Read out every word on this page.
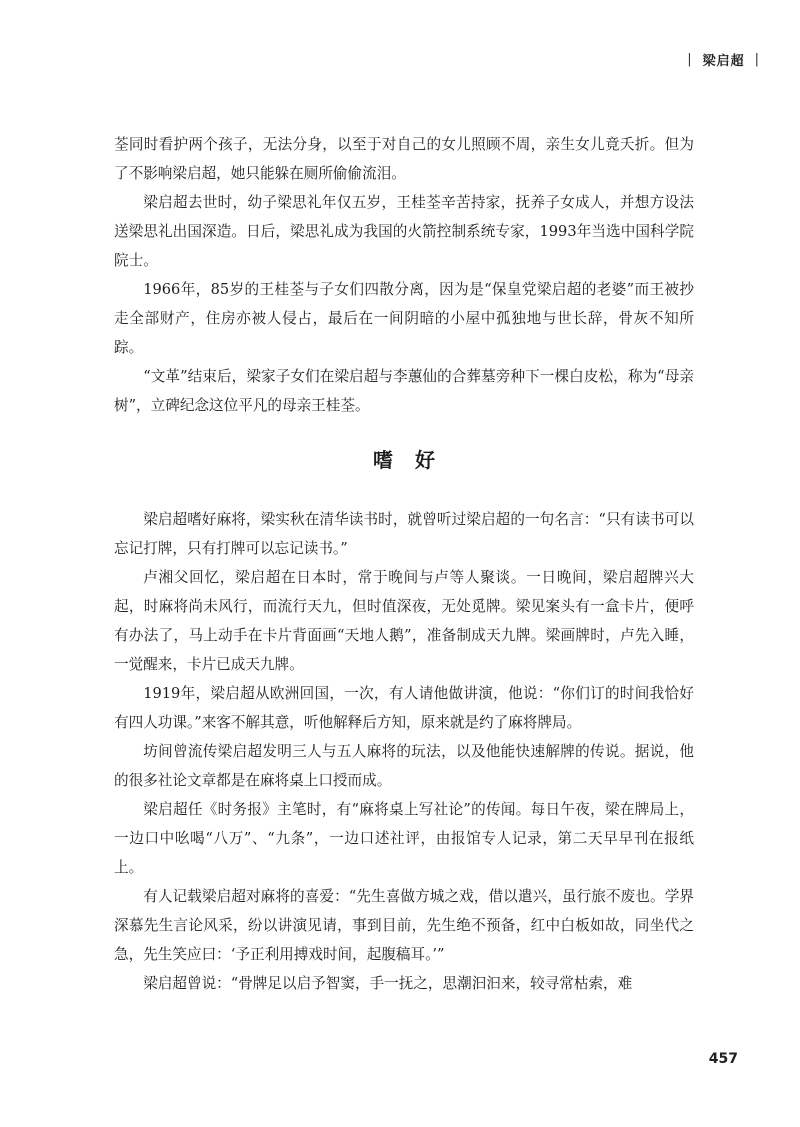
| 梁启超 |

荃同时看护两个孩子，无法分身，以至于对自己的女儿照顾不周，亲生女儿竟夭折。但为了不影响梁启超，她只能躲在厕所偷偷流泪。

梁启超去世时，幼子梁思礼年仅五岁，王桂荃辛苦持家，抚养子女成人，并想方设法送梁思礼出国深造。日后，梁思礼成为我国的火箭控制系统专家，1993年当选中国科学院院士。

1966年，85岁的王桂荃与子女们四散分离，因为是“保皇党梁启超的老婆”而王被抄走全部财产，住房亦被人侵占，最后在一间阴暗的小屋中孤独地与世长辞，骨灰不知所踪。

“文革”结束后，梁家子女们在梁启超与李蕙仙的合葬墓旁种下一棵白皮松，称为“母亲树”，立碑纪念这位平凡的母亲王桂荃。

嗜好

梁启超嗜好麻将，梁实秋在清华读书时，就曾听过梁启超的一句名言：“只有读书可以忘记打牌，只有打牌可以忘记读书。”

卢湘父回忆，梁启超在日本时，常于晚间与卢等人聚谈。一日晚间，梁启超牌兴大起，时麻将尚未风行，而流行天九，但时值深夜，无处觅牌。梁见案头有一盒卡片，便呼有办法了，马上动手在卡片背面画“天地人鹅”，准备制成天九牌。梁画牌时，卢先入睡，一觉醒来，卡片已成天九牌。

1919年，梁启超从欧洲回国，一次，有人请他做讲演，他说：“你们订的时间我恰好有四人功课。”来客不解其意，听他解释后方知，原来就是约了麻将牌局。

坊间曾流传梁启超发明三人与五人麻将的玩法，以及他能快速解牌的传说。据说，他的很多社论文章都是在麻将桌上口授而成。

梁启超任《时务报》主笔时，有“麻将桌上写社论”的传闻。每日午夜，梁在牌局上，一边口中吆喝“八万”、“九条”，一边口述社评，由报馆专人记录，第二天早早刊在报纸上。

有人记载梁启超对麻将的喜爱：“先生喜做方城之戏，借以遣兴，虽行旅不废也。学界深慕先生言论风采，纷以讲演见请，事到目前，先生绝不预备，红中白板如故，同坐代之急，先生笑应曰：‘予正利用搏戏时间，起腹稿耳。’”

梁启超曾说：“骨牌足以启予智窦，手一抚之，思潮汩汩来，较寻常枯索，难

457
